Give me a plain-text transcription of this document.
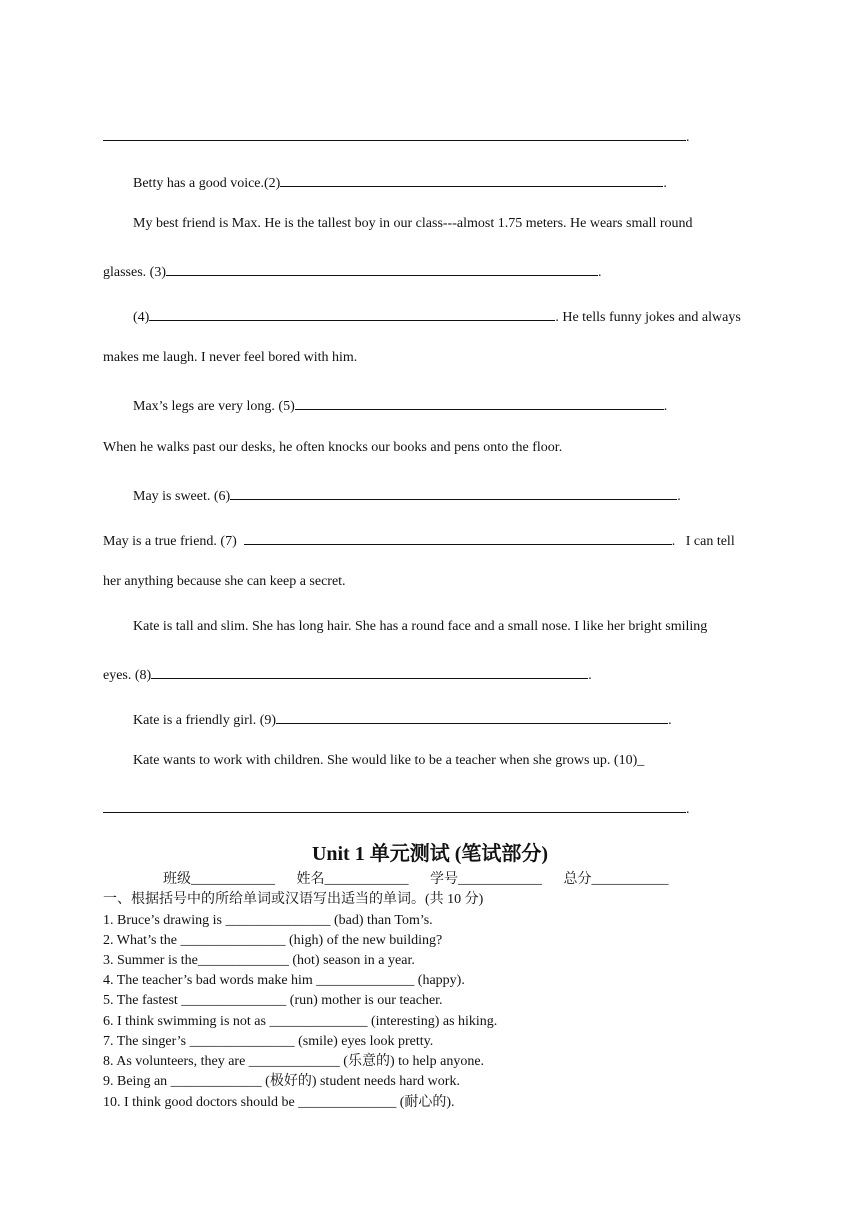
.
Betty has a good voice.(2)	.
My best friend is Max. He is the tallest boy in our class---almost 1.75 meters. He wears small round
glasses. (3)	.
(4)	. He tells funny jokes and always
makes me laugh. I never feel bored with him.
Max’s legs are very long. (5)	.
When he walks past our desks, he often knocks our books and pens onto the floor.
May is sweet. (6)	.
May is a true friend. (7)	.   I can tell
her anything because she can keep a secret.
Kate is tall and slim. She has long hair. She has a round face and a small nose. I like her bright smiling
eyes. (8)	.
Kate is a friendly girl. (9)	.
Kate wants to work with children. She would like to be a teacher when she grows up. (10)_
.
Unit 1 单元测试 (笔试部分)
班级____________ 姓名____________ 学号____________ 总分___________
一、根据括号中的所给单词或汉语写出适当的单词。(共 10 分)
1. Bruce’s drawing is _______________ (bad) than Tom’s.
2. What’s the _______________ (high) of the new building?
3. Summer is the_____________ (hot) season in a year.
4. The teacher’s bad words make him ______________ (happy).
5. The fastest _______________ (run) mother is our teacher.
6. I think swimming is not as ______________ (interesting) as hiking.
7. The singer’s _______________ (smile) eyes look pretty.
8. As volunteers, they are _____________ (乐意的) to help anyone.
9. Being an _____________ (极好的) student needs hard work.
10. I think good doctors should be ______________ (耐心的).
